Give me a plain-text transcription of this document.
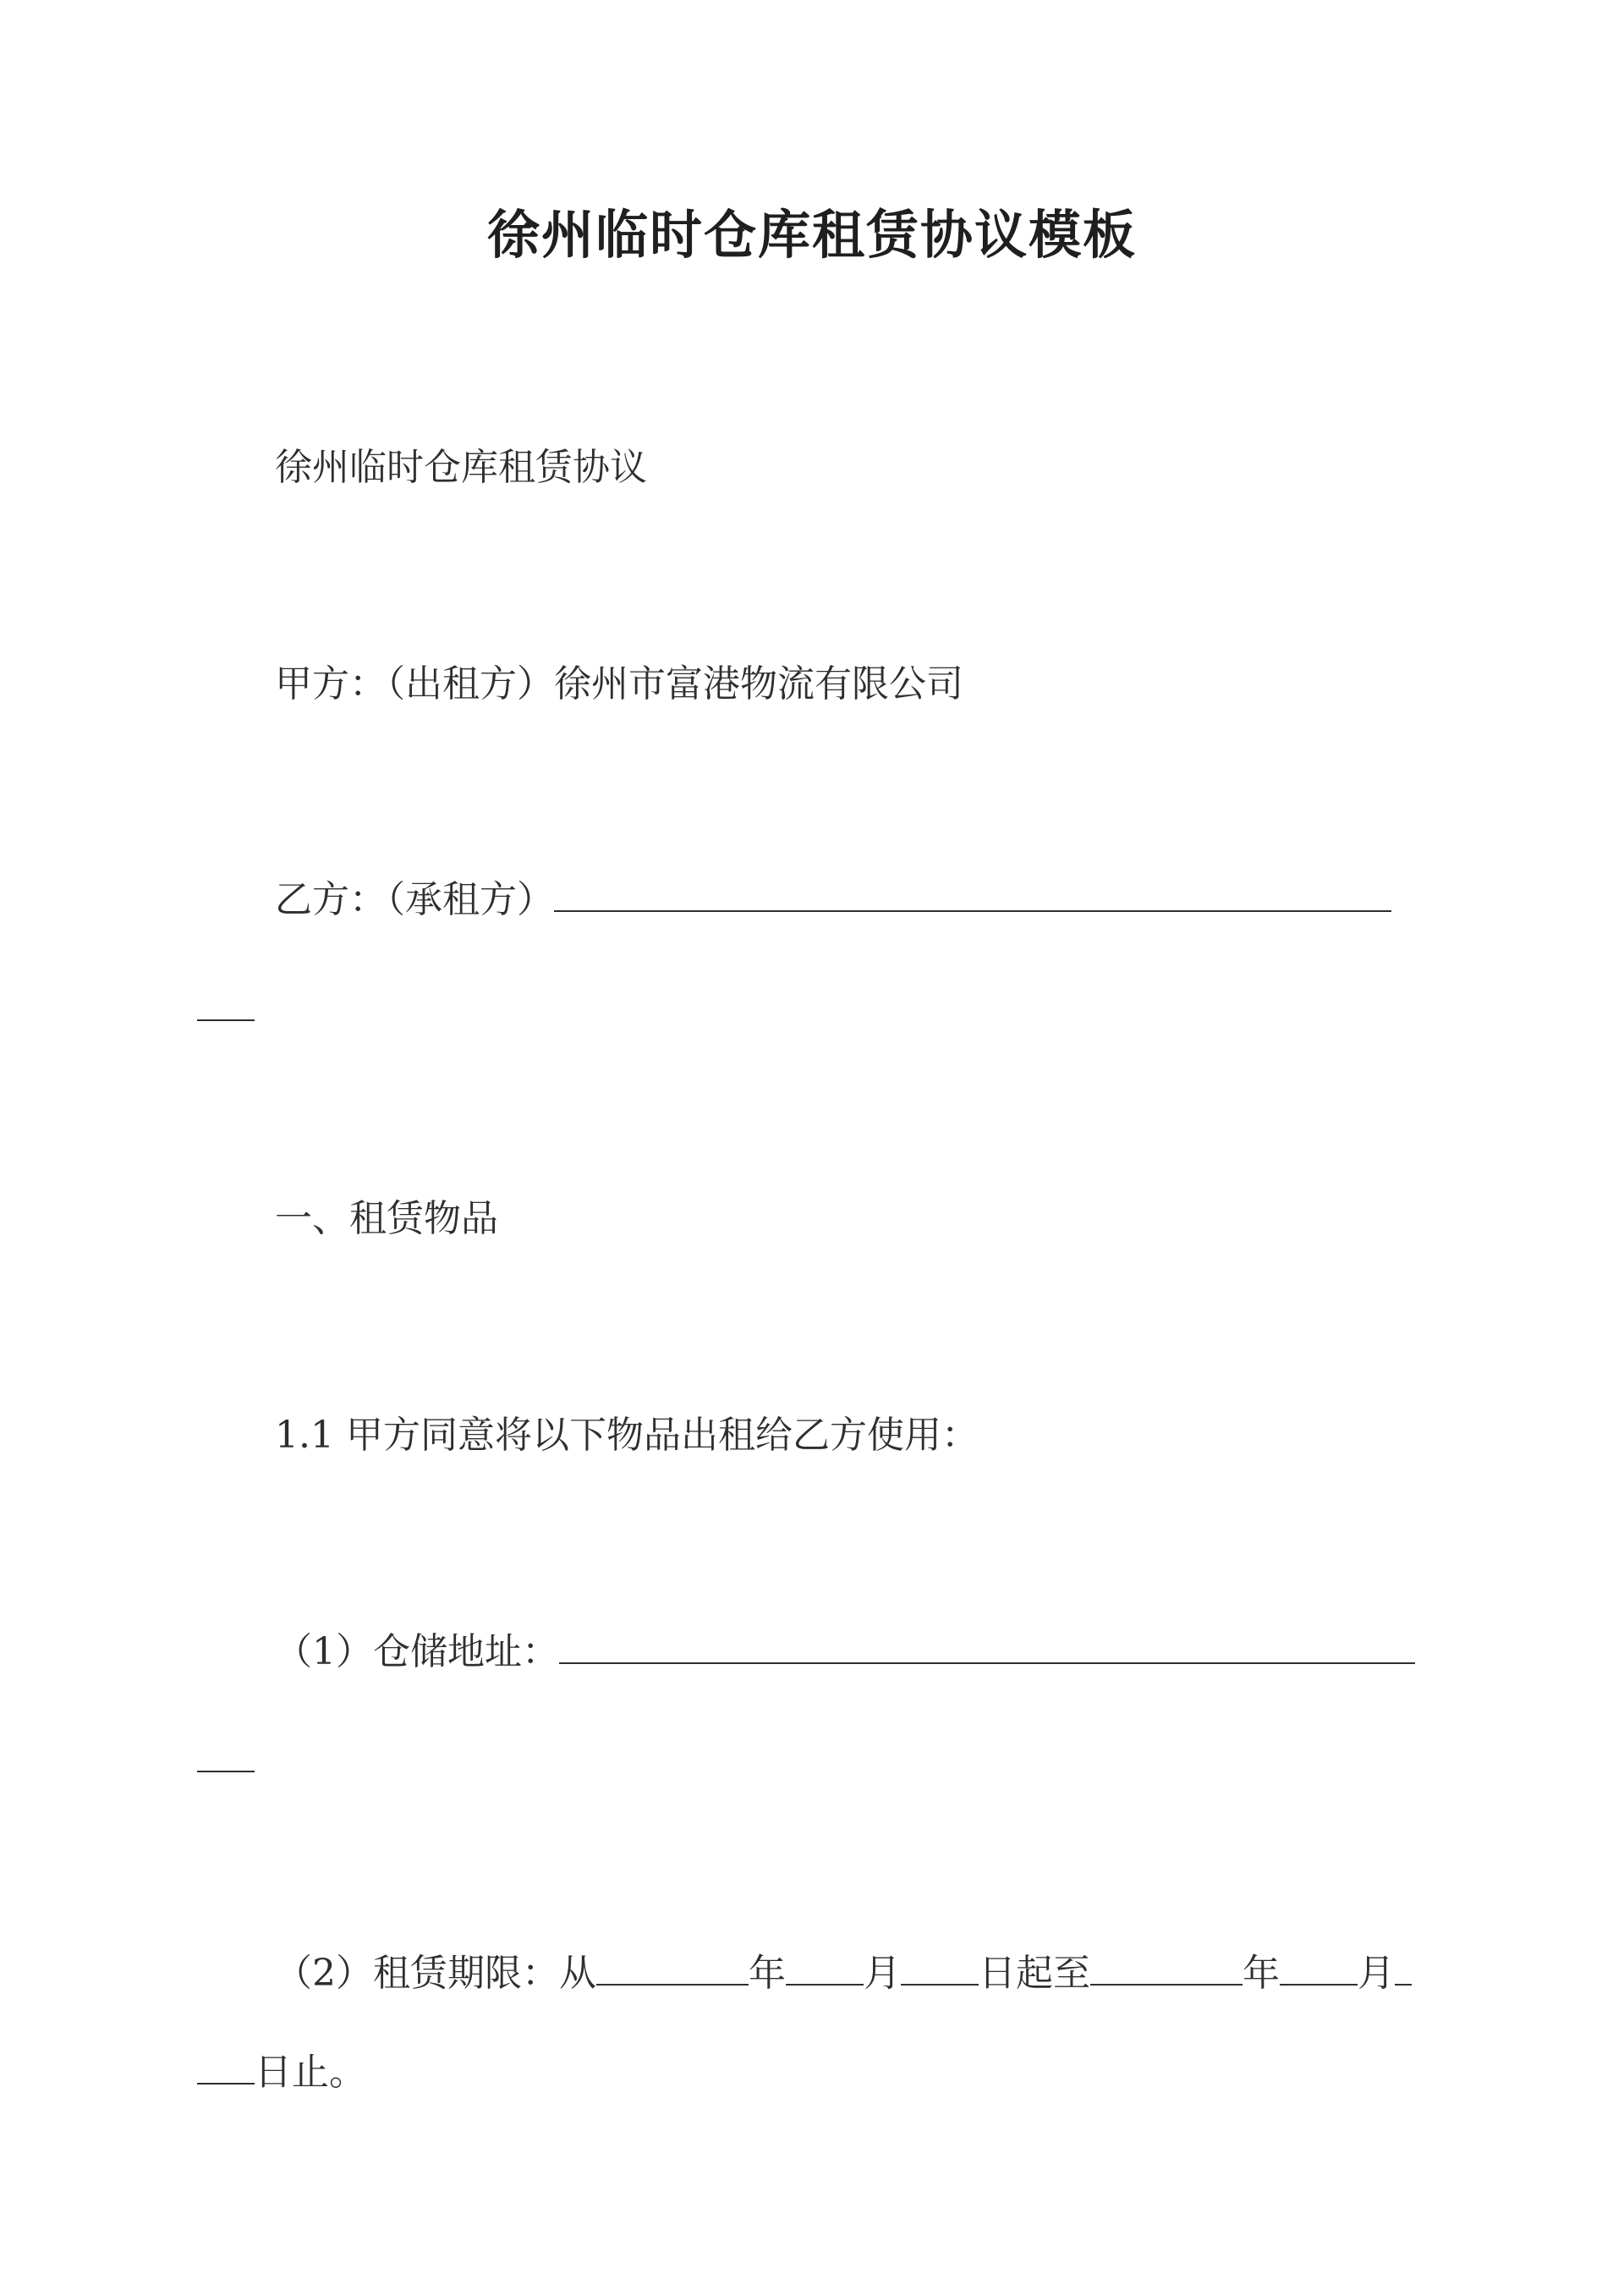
徐州临时仓库租赁协议模板
徐州临时仓库租赁协议
甲方：（出租方）徐州市富港物流有限公司
乙方：（承租方）
一、租赁物品
1.1 甲方同意将以下物品出租给乙方使用：
（1）仓储地址：
（2）租赁期限：从	年 月 日起至	年 月
日止。
